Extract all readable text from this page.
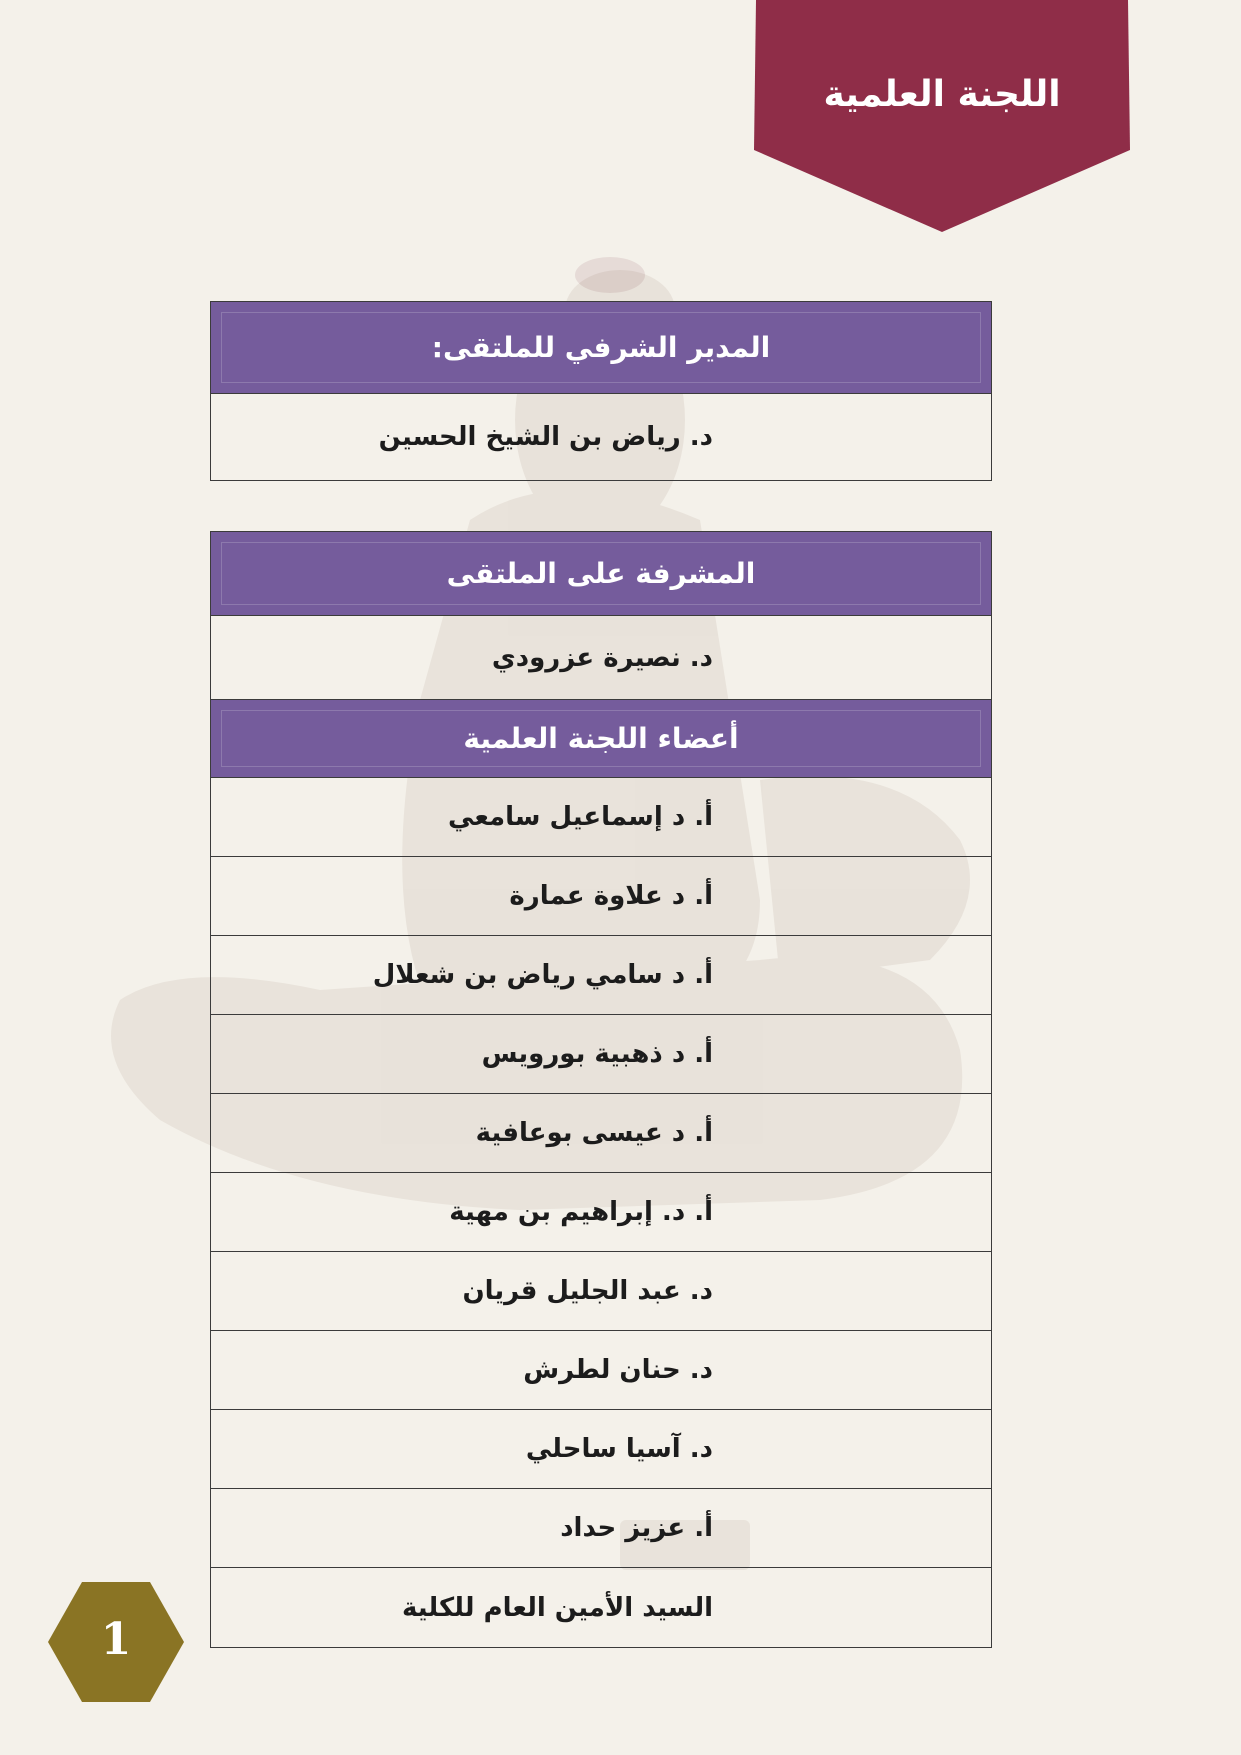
اللجنة العلمية
المدير الشرفي للملتقى:
د. رياض بن الشيخ الحسين
المشرفة على الملتقى
د. نصيرة عزرودي
أعضاء اللجنة العلمية
أ. د إسماعيل سامعي
أ. د علاوة عمارة
أ. د سامي رياض بن شعلال
أ. د ذهبية بورويس
أ. د عيسى بوعافية
أ. د. إبراهيم بن مهية
د. عبد الجليل قريان
د. حنان لطرش
د. آسيا ساحلي
أ. عزيز حداد
السيد الأمين العام للكلية
1
